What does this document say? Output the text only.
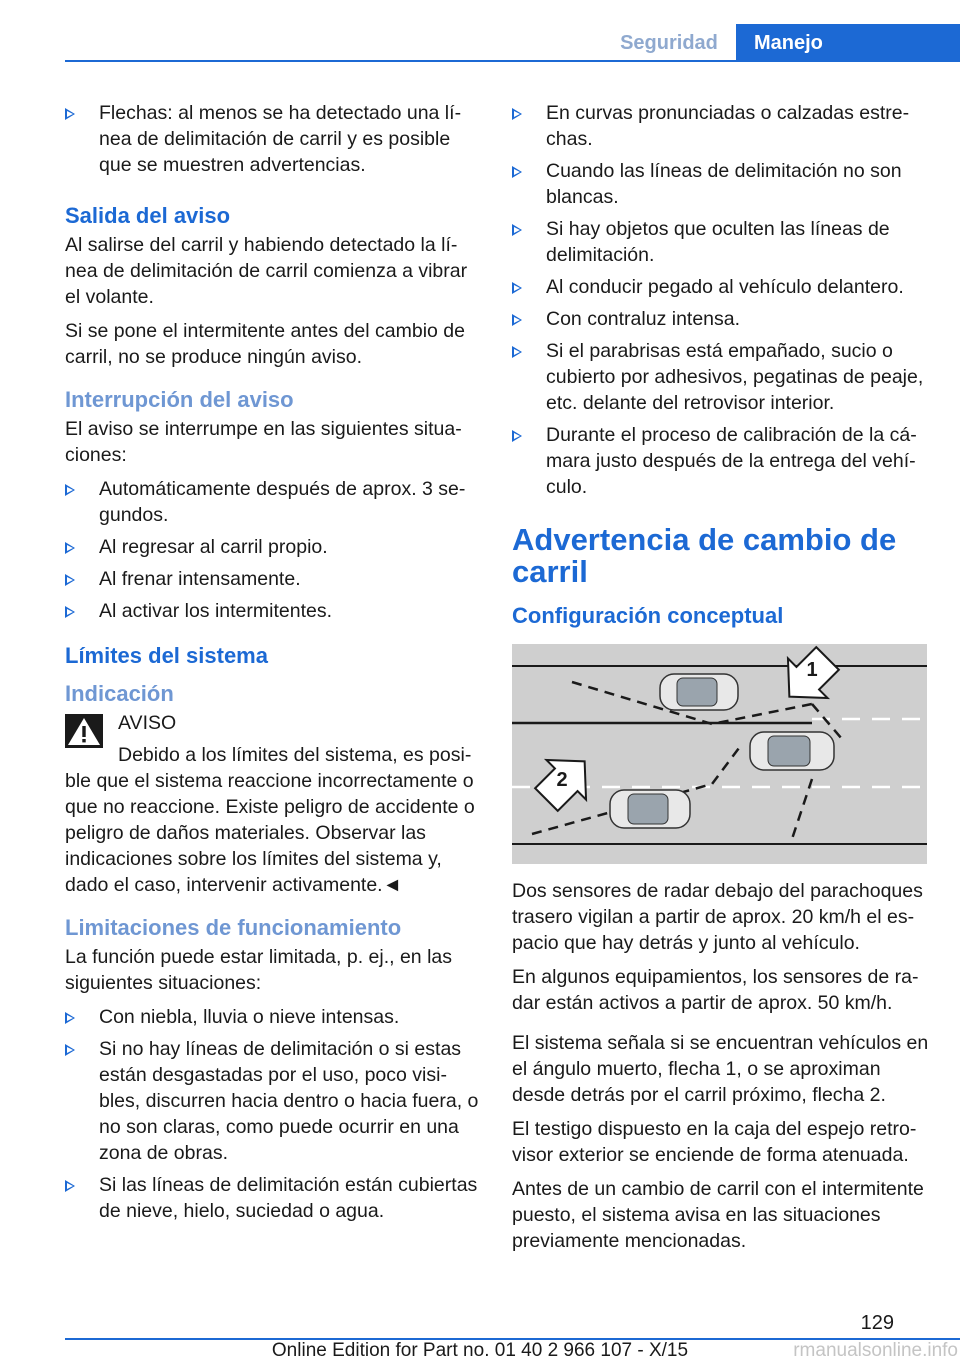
Seguridad	Manejo
Flechas: al menos se ha detectado una línea de delimitación de carril y es posible que se muestren advertencias.
Salida del aviso

Al salirse del carril y habiendo detectado la línea de delimitación de carril comienza a vibrar el volante.

Si se pone el intermitente antes del cambio de carril, no se produce ningún aviso.

Interrupción del aviso

El aviso se interrumpe en las siguientes situaciones:

Automáticamente después de aprox. 3 segundos.
Al regresar al carril propio.
Al frenar intensamente.
Al activar los intermitentes.
Límites del sistema
Indicación
AVISO

Debido a los límites del sistema, es posible que el sistema reaccione incorrectamente o que no reaccione. Existe peligro de accidente o peligro de daños materiales. Observar las indicaciones sobre los límites del sistema y, dado el caso, intervenir activamente.◄

Limitaciones de funcionamiento

La función puede estar limitada, p. ej., en las siguientes situaciones:

Con niebla, lluvia o nieve intensas.
Si no hay líneas de delimitación o si estas están desgastadas por el uso, poco visibles, discurren hacia dentro o hacia fuera, o no son claras, como puede ocurrir en una zona de obras.
Si las líneas de delimitación están cubiertas de nieve, hielo, suciedad o agua.
En curvas pronunciadas o calzadas estrechas.
Cuando las líneas de delimitación no son blancas.
Si hay objetos que oculten las líneas de delimitación.
Al conducir pegado al vehículo delantero.
Con contraluz intensa.
Si el parabrisas está empañado, sucio o cubierto por adhesivos, pegatinas de peaje, etc. delante del retrovisor interior.
Durante el proceso de calibración de la cámara justo después de la entrega del vehículo.
Advertencia de cambio de carril
Configuración conceptual
1
2

Dos sensores de radar debajo del parachoques trasero vigilan a partir de aprox. 20 km/h el espacio que hay detrás y junto al vehículo.

En algunos equipamientos, los sensores de radar están activos a partir de aprox. 50 km/h.

El sistema señala si se encuentran vehículos en el ángulo muerto, flecha 1, o se aproximan desde detrás por el carril próximo, flecha 2.

El testigo dispuesto en la caja del espejo retrovisor exterior se enciende de forma atenuada.

Antes de un cambio de carril con el intermitente puesto, el sistema avisa en las situaciones previamente mencionadas.

129
Online Edition for Part no. 01 40 2 966 107 - X/15	rmanualsonline.info
